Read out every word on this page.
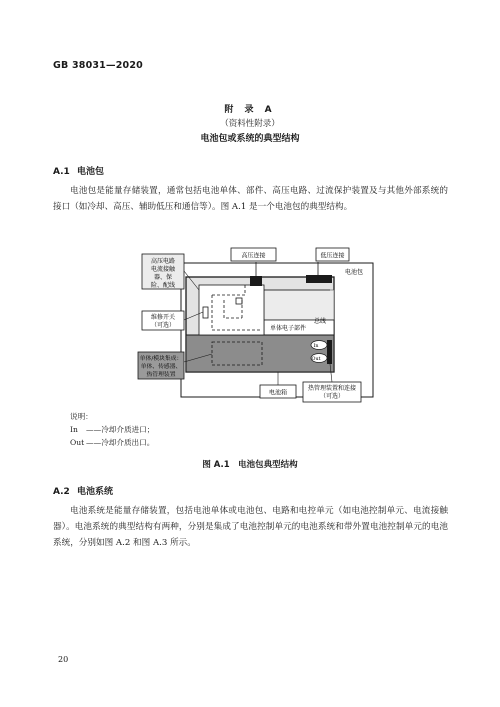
GB 38031—2020
附 录 A
（资料性附录）
电池包或系统的典型结构
A.1 电池包
电池包是能量存储装置，通常包括电池单体、部件、高压电路、过流保护装置及与其他外部系统的接口（如冷却、高压、辅助低压和通信等）。图 A.1 是一个电池包的典型结构。
高压电路
电流接触
器、保
险、配线
维修开关
（可选）
单体/模块集成：
单体、传感器、
热管理装置
高压连接	低压连接
电池包
单体电子部件
总线
In
Out
电池箱
热管理装置和连接
（可选）
说明：
In ——冷却介质进口；
Out ——冷却介质出口。
图 A.1　电池包典型结构
A.2 电池系统
电池系统是能量存储装置，包括电池单体或电池包、电路和电控单元（如电池控制单元、电流接触器）。电池系统的典型结构有两种，分别是集成了电池控制单元的电池系统和带外置电池控制单元的电池系统，分别如图 A.2 和图 A.3 所示。
20
